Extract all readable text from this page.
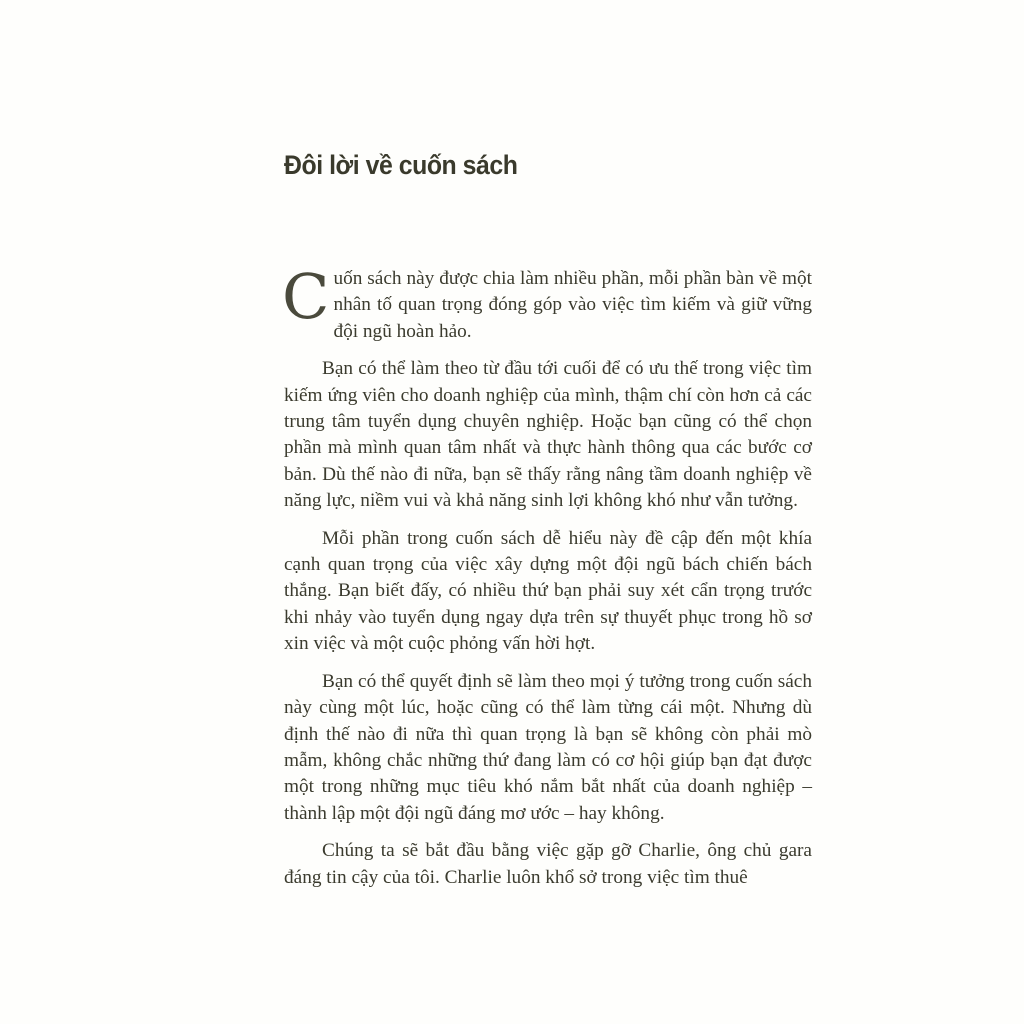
Đôi lời về cuốn sách

Cuốn sách này được chia làm nhiều phần, mỗi phần bàn về một nhân tố quan trọng đóng góp vào việc tìm kiếm và giữ vững đội ngũ hoàn hảo.

Bạn có thể làm theo từ đầu tới cuối để có ưu thế trong việc tìm kiếm ứng viên cho doanh nghiệp của mình, thậm chí còn hơn cả các trung tâm tuyển dụng chuyên nghiệp. Hoặc bạn cũng có thể chọn phần mà mình quan tâm nhất và thực hành thông qua các bước cơ bản. Dù thế nào đi nữa, bạn sẽ thấy rằng nâng tầm doanh nghiệp về năng lực, niềm vui và khả năng sinh lợi không khó như vẫn tưởng.

Mỗi phần trong cuốn sách dễ hiểu này đề cập đến một khía cạnh quan trọng của việc xây dựng một đội ngũ bách chiến bách thắng. Bạn biết đấy, có nhiều thứ bạn phải suy xét cẩn trọng trước khi nhảy vào tuyển dụng ngay dựa trên sự thuyết phục trong hồ sơ xin việc và một cuộc phỏng vấn hời hợt.

Bạn có thể quyết định sẽ làm theo mọi ý tưởng trong cuốn sách này cùng một lúc, hoặc cũng có thể làm từng cái một. Nhưng dù định thế nào đi nữa thì quan trọng là bạn sẽ không còn phải mò mẫm, không chắc những thứ đang làm có cơ hội giúp bạn đạt được một trong những mục tiêu khó nắm bắt nhất của doanh nghiệp – thành lập một đội ngũ đáng mơ ước – hay không.

Chúng ta sẽ bắt đầu bằng việc gặp gỡ Charlie, ông chủ gara đáng tin cậy của tôi. Charlie luôn khổ sở trong việc tìm thuê
